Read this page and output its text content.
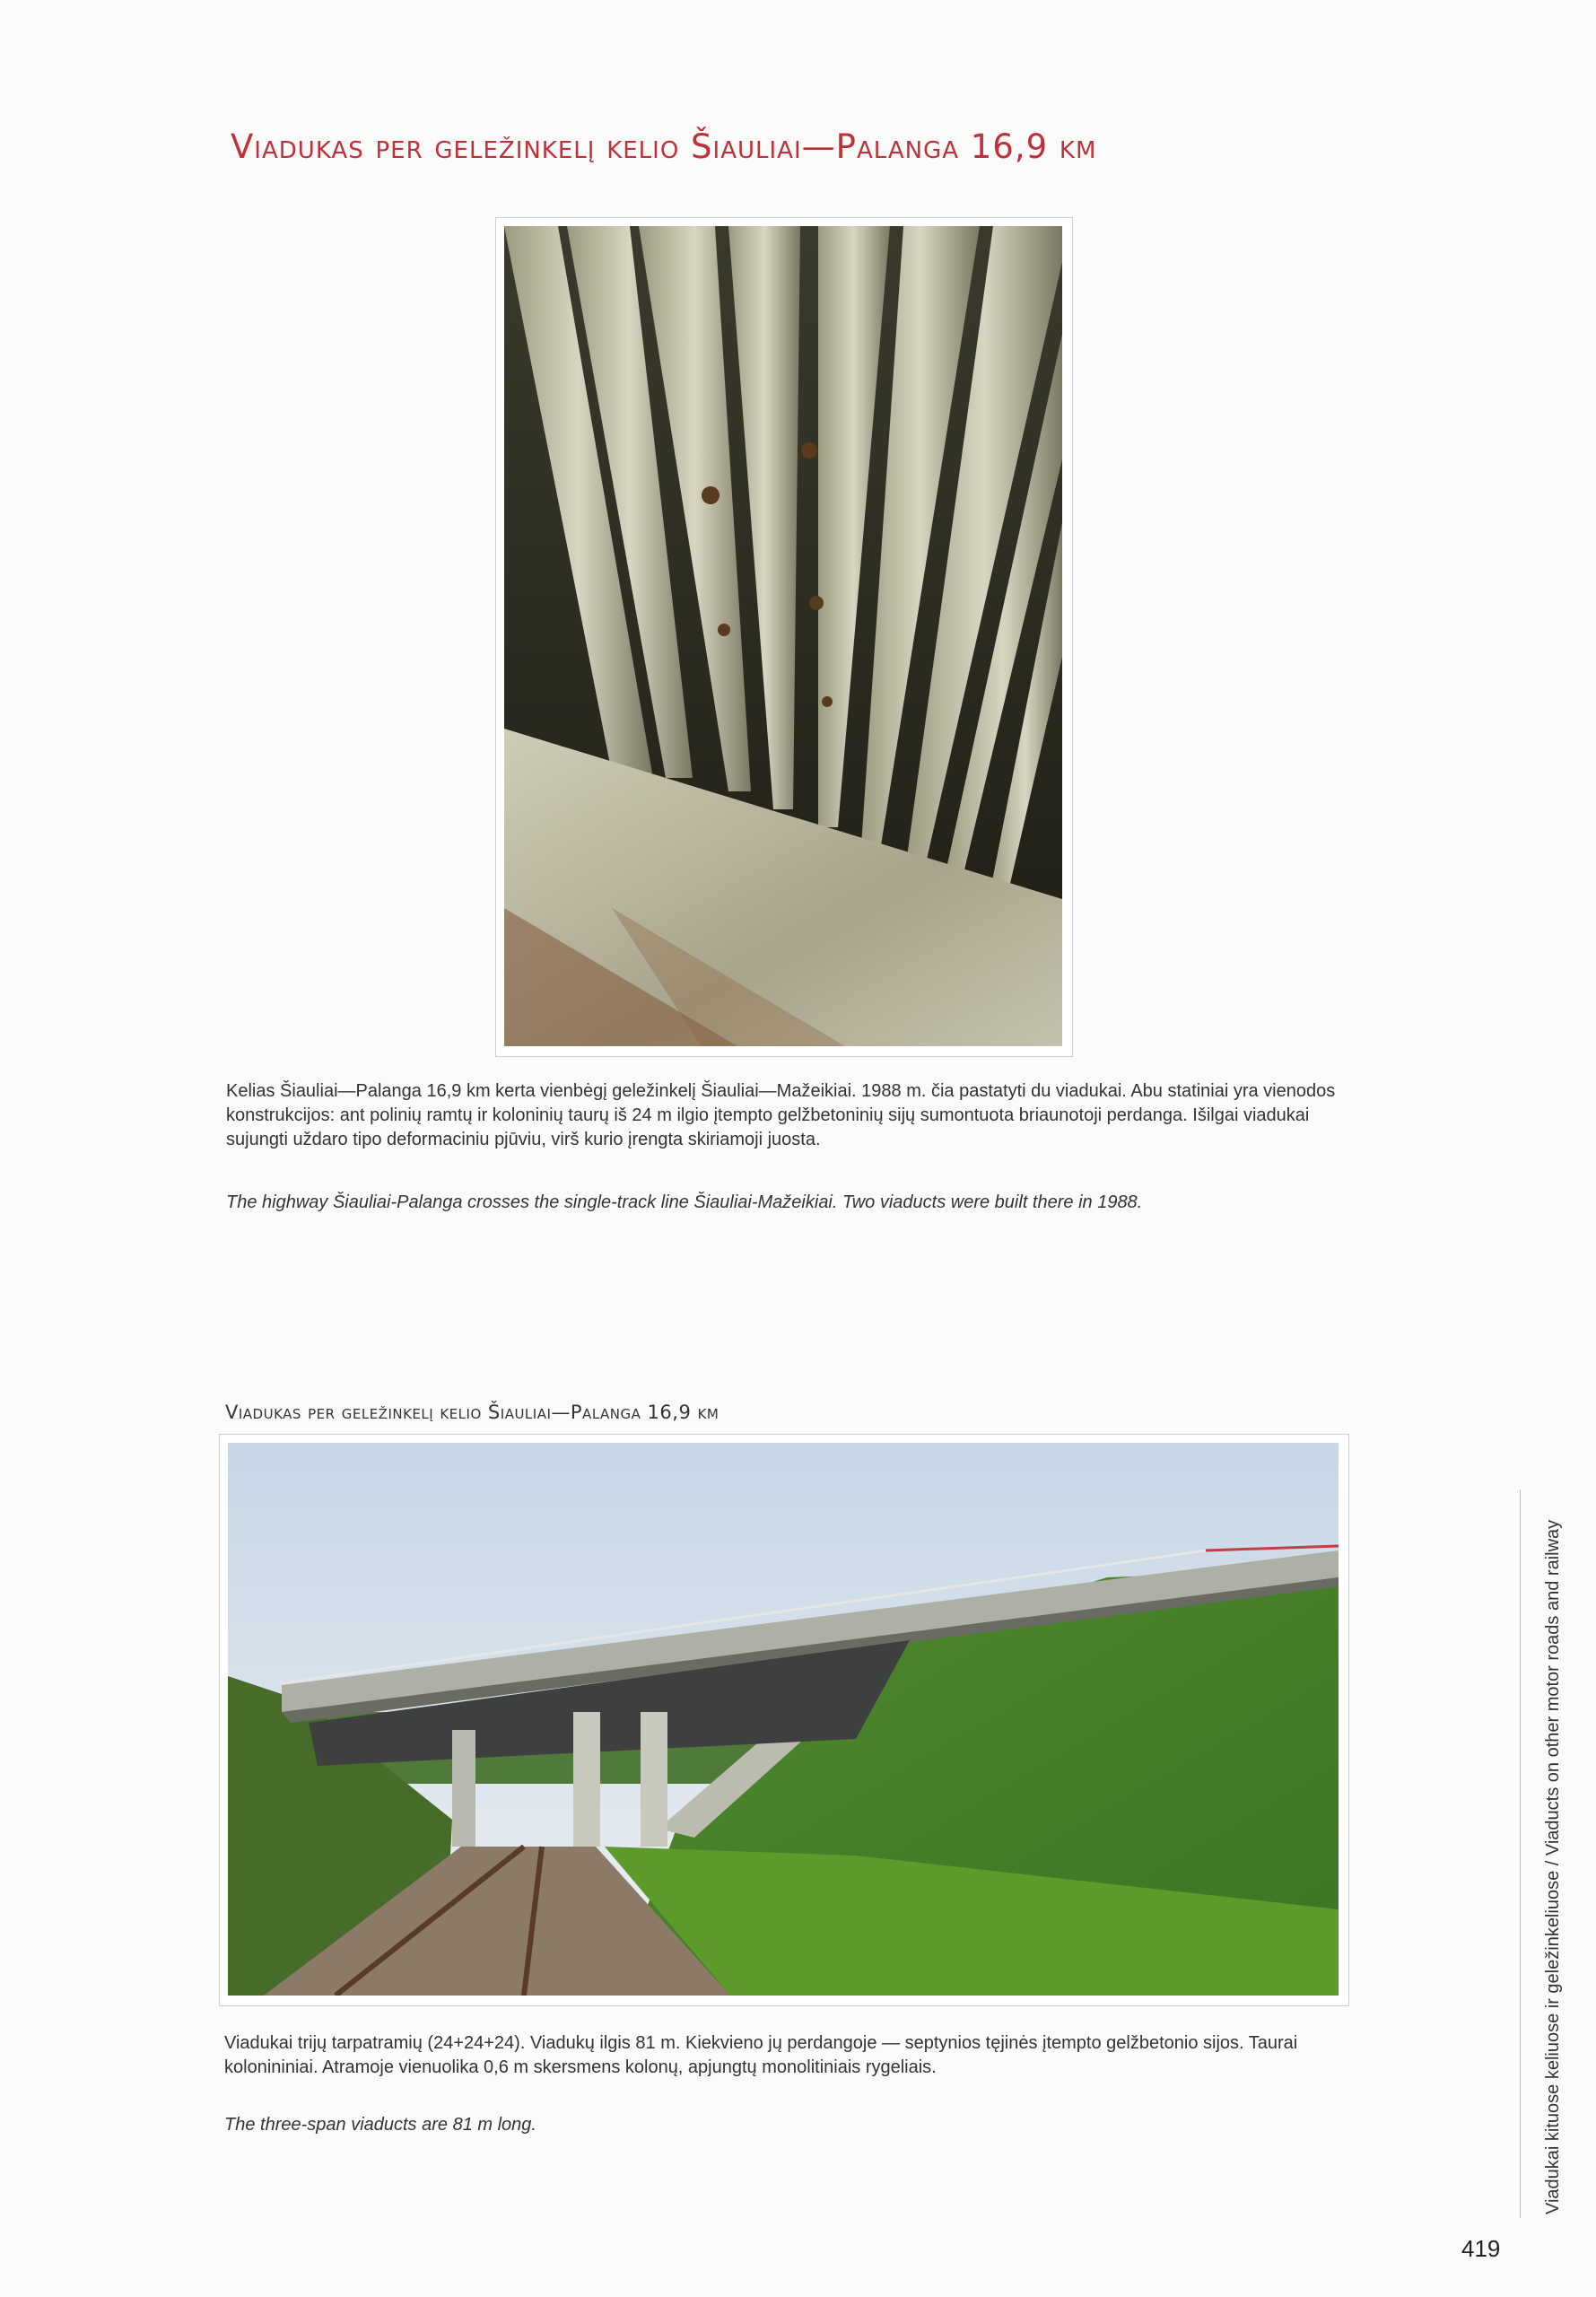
Viadukas per geležinkelį kelio Šiauliai—Palanga 16,9 km
Kelias Šiauliai—Palanga 16,9 km kerta vienbėgį geležinkelį Šiauliai—Mažeikiai. 1988 m. čia pastatyti du viadukai. Abu statiniai yra vienodos konstrukcijos: ant polinių ramtų ir koloninių taurų iš 24 m ilgio įtempto gelžbetoninių sijų sumontuota briaunotoji perdanga. Išilgai viadukai sujungti uždaro tipo deformaciniu pjūviu, virš kurio įrengta skiriamoji juosta.
The highway Šiauliai-Palanga crosses the single-track line Šiauliai-Mažeikiai. Two viaducts were built there in 1988.
Viadukas per geležinkelį kelio Šiauliai—Palanga 16,9 km
Viadukai trijų tarpatramių (24+24+24). Viadukų ilgis 81 m. Kiekvieno jų perdangoje — septynios tęjinės įtempto gelžbetonio sijos. Taurai kolonininiai. Atramoje vienuolika 0,6 m skersmens kolonų, apjungtų monolitiniais rygeliais.
The three-span viaducts are 81 m long.	Viadukai kituose keliuose ir geležinkeliuose / Viaducts on other motor roads and railway
419
